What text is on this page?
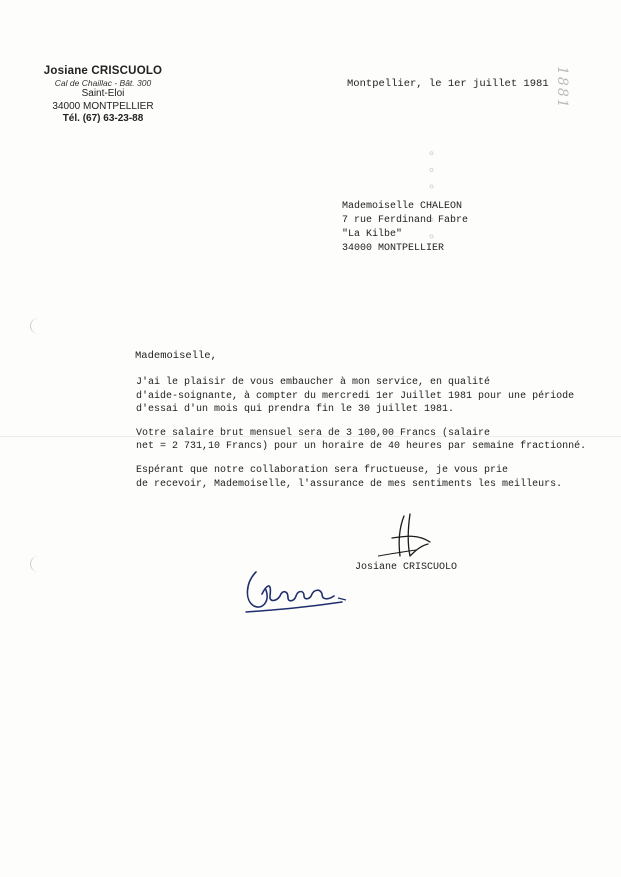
Josiane CRISCUOLO
Cal de Chaillac - Bât. 300
Saint-Eloi
34000 MONTPELLIER
Tél. (67) 63-23-88
Montpellier, le 1er juillet 1981 1881
° ° ° ° ° °
Mademoiselle CHALEON
7 rue Ferdinand Fabre
"La Kilbe"
34000 MONTPELLIER
Mademoiselle,

J'ai le plaisir de vous embaucher à mon service, en qualité
d'aide-soignante, à compter du mercredi 1er Juillet 1981 pour une période
d'essai d'un mois qui prendra fin le 30 juillet 1981.

Votre salaire brut mensuel sera de 3 100,00 Francs (salaire
net = 2 731,10 Francs) pour un horaire de 40 heures par semaine fractionné.

Espérant que notre collaboration sera fructueuse, je vous prie
de recevoir, Mademoiselle, l'assurance de mes sentiments les meilleurs.

Josiane CRISCUOLO
